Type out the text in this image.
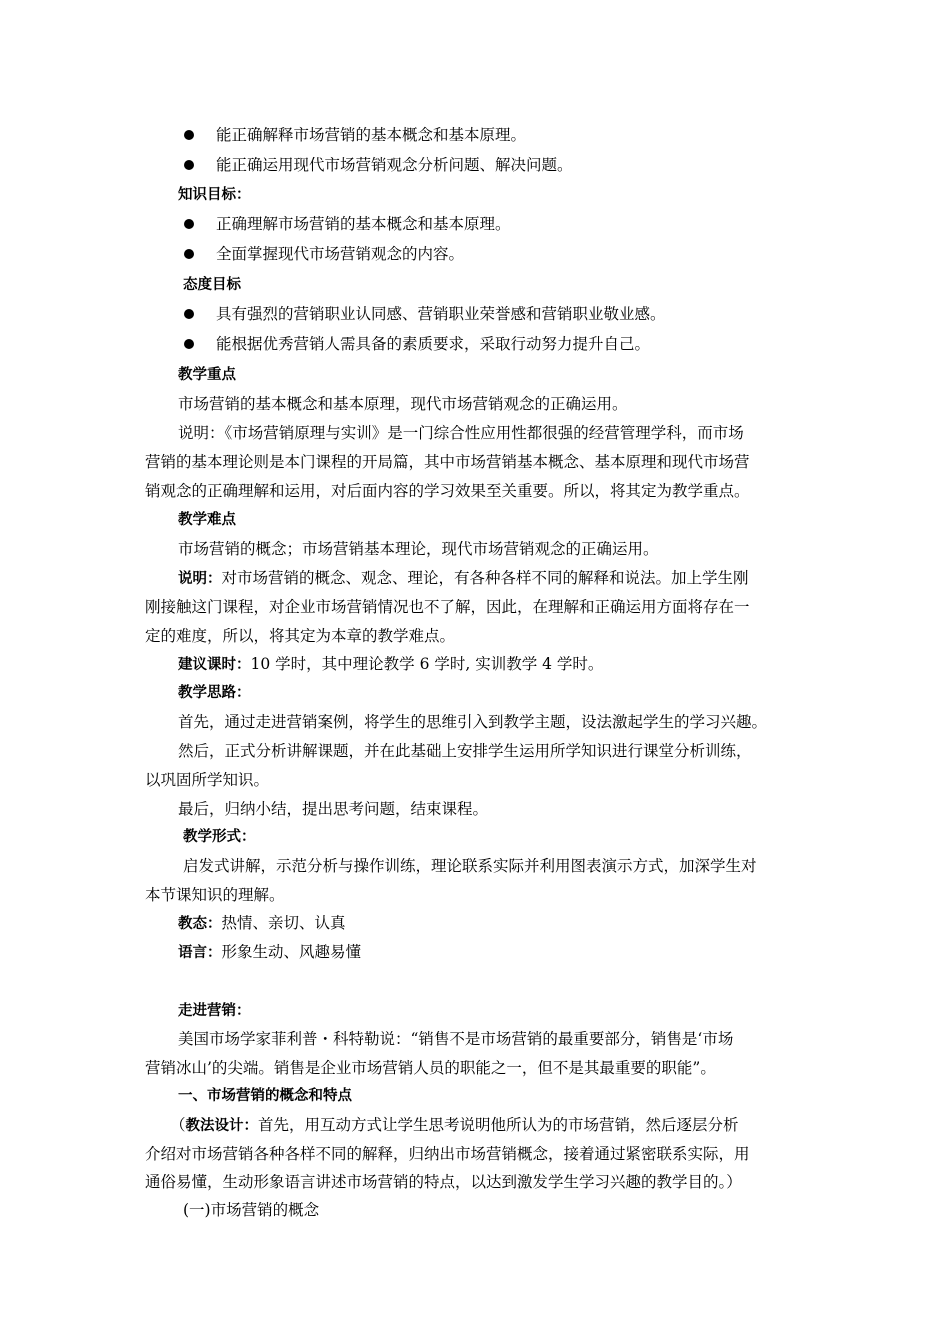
能正确解释市场营销的基本概念和基本原理。
能正确运用现代市场营销观念分析问题、解决问题。
知识目标：
正确理解市场营销的基本概念和基本原理。
全面掌握现代市场营销观念的内容。
态度目标
具有强烈的营销职业认同感、营销职业荣誉感和营销职业敬业感。
能根据优秀营销人需具备的素质要求，采取行动努力提升自己。
教学重点
市场营销的基本概念和基本原理，现代市场营销观念的正确运用。
说明：《市场营销原理与实训》是一门综合性应用性都很强的经营管理学科，而市场
营销的基本理论则是本门课程的开局篇，其中市场营销基本概念、基本原理和现代市场营
销观念的正确理解和运用，对后面内容的学习效果至关重要。所以，将其定为教学重点。
教学难点
市场营销的概念；市场营销基本理论，现代市场营销观念的正确运用。
说明：对市场营销的概念、观念、理论，有各种各样不同的解释和说法。加上学生刚
刚接触这门课程，对企业市场营销情况也不了解，因此，在理解和正确运用方面将存在一
定的难度，所以，将其定为本章的教学难点。
建议课时：10 学时，其中理论教学 6 学时, 实训教学 4 学时。
教学思路：
首先，通过走进营销案例，将学生的思维引入到教学主题，设法激起学生的学习兴趣。
然后，正式分析讲解课题，并在此基础上安排学生运用所学知识进行课堂分析训练，
以巩固所学知识。
最后，归纳小结，提出思考问题，结束课程。
教学形式：
启发式讲解，示范分析与操作训练，理论联系实际并利用图表演示方式，加深学生对
本节课知识的理解。
教态：热情、亲切、认真
语言：形象生动、风趣易懂
走进营销：
美国市场学家菲利普・科特勒说：“销售不是市场营销的最重要部分，销售是‘市场
营销冰山’的尖端。销售是企业市场营销人员的职能之一，但不是其最重要的职能”。
一、市场营销的概念和特点
（教法设计：首先，用互动方式让学生思考说明他所认为的市场营销，然后逐层分析
介绍对市场营销各种各样不同的解释，归纳出市场营销概念，接着通过紧密联系实际，用
通俗易懂，生动形象语言讲述市场营销的特点，以达到激发学生学习兴趣的教学目的。）
(一)市场营销的概念
